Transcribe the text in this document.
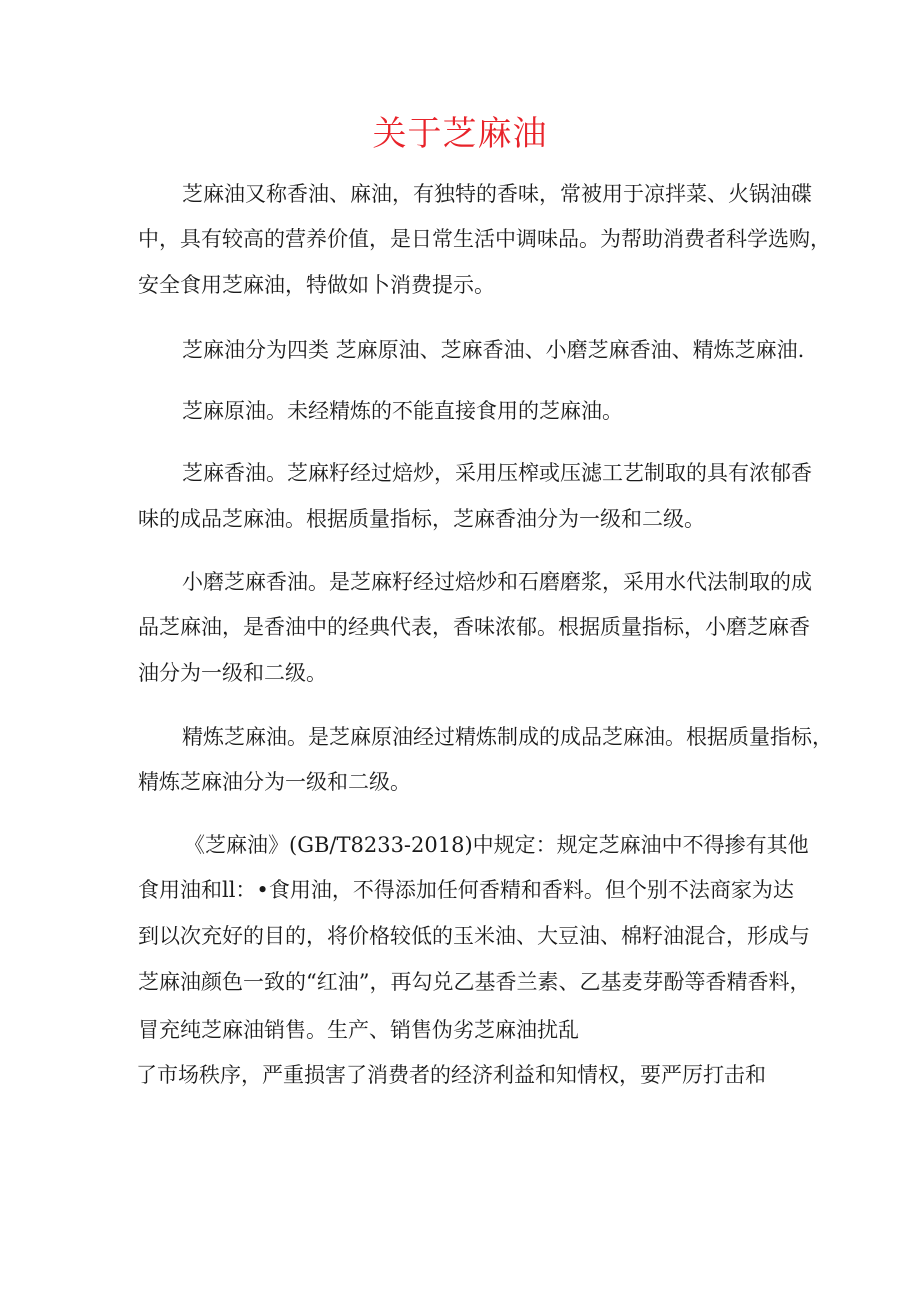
关于芝麻油
芝麻油又称香油、麻油，有独特的香味，常被用于凉拌菜、火锅油碟
中，具有较高的营养价值，是日常生活中调味品。为帮助消费者科学选购，
安全食用芝麻油，特做如卜消费提示。
芝麻油分为四类 芝麻原油、芝麻香油、小磨芝麻香油、精炼芝麻油.
芝麻原油。未经精炼的不能直接食用的芝麻油。
芝麻香油。芝麻籽经过焙炒，采用压榨或压滤工艺制取的具有浓郁香
味的成品芝麻油。根据质量指标，芝麻香油分为一级和二级。
小磨芝麻香油。是芝麻籽经过焙炒和石磨磨浆，采用水代法制取的成
品芝麻油，是香油中的经典代表，香味浓郁。根据质量指标，小磨芝麻香
油分为一级和二级。
精炼芝麻油。是芝麻原油经过精炼制成的成品芝麻油。根据质量指标，
精炼芝麻油分为一级和二级。
《芝麻油》(GB/T8233-2018)中规定：规定芝麻油中不得掺有其他
食用油和ll：•食用油，不得添加任何香精和香料。但个别不法商家为达
到以次充好的目的，将价格较低的玉米油、大豆油、棉籽油混合，形成与
芝麻油颜色一致的“红油”，再勾兑乙基香兰素、乙基麦芽酚等香精香料，
冒充纯芝麻油销售。生产、销售伪劣芝麻油扰乱
了市场秩序，严重损害了消费者的经济利益和知情权，要严厉打击和
